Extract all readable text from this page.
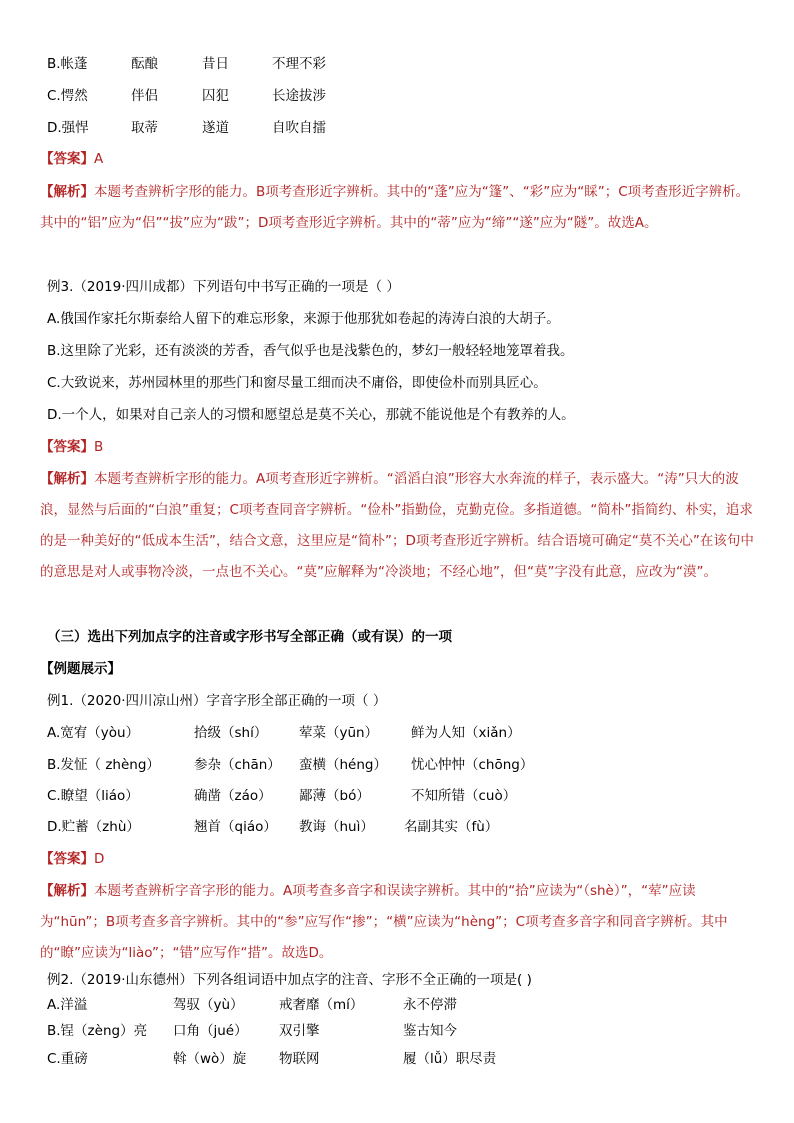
B.帐蓬	酝酿	昔日	不理不彩
C.愕然	伴侣	囚犯	长途拔涉
D.强悍	取蒂	遂道	自吹自擂
【答案】A
【解析】本题考查辨析字形的能力。B项考查形近字辨析。其中的“蓬”应为“篷”、“彩”应为“睬”；C项考查形近字辨析。其中的“铝”应为“侣”“拔”应为“跋”；D项考查形近字辨析。其中的“蒂”应为“缔”“遂”应为“隧”。故选A。
例3.（2019·四川成都）下列语句中书写正确的一项是（ ）
A.俄国作家托尔斯泰给人留下的难忘形象，来源于他那犹如卷起的涛涛白浪的大胡子。
B.这里除了光彩，还有淡淡的芳香，香气似乎也是浅紫色的，梦幻一般轻轻地笼罩着我。
C.大致说来，苏州园林里的那些门和窗尽量工细而决不庸俗，即使俭朴而别具匠心。
D.一个人，如果对自己亲人的习惯和愿望总是莫不关心，那就不能说他是个有教养的人。
【答案】B
【解析】本题考查辨析字形的能力。A项考查形近字辨析。“滔滔白浪”形容大水奔流的样子，表示盛大。“涛”只大的波浪，显然与后面的“白浪”重复；C项考查同音字辨析。“俭朴”指勤俭，克勤克俭。多指道德。“简朴”指简约、朴实，追求的是一种美好的“低成本生活”，结合文意，这里应是“简朴”；D项考查形近字辨析。结合语境可确定“莫不关心”在该句中的意思是对人或事物冷淡，一点也不关心。“莫”应解释为“冷淡地；不经心地”，但“莫”字没有此意，应改为“漠”。
（三）选出下列加点字的注音或字形书写全部正确（或有误）的一项
【例题展示】
例1.（2020·四川凉山州）字音字形全部正确的一项（ ）
A.宽宥（yòu）	拾级（shí） 荤菜（yūn） 鲜为人知（xiǎn）
B.发怔（ zhèng）	参杂（chān） 蛮横（héng） 忧心忡忡（chōng）
C.瞭望（liáo）	确凿（záo） 鄙薄（bó）	不知所错（cuò）
D.贮蓄（zhù）	翘首（qiáo） 教诲（huì） 名副其实（fù）
【答案】D
【解析】本题考查辨析字音字形的能力。A项考查多音字和误读字辨析。其中的“拾”应读为“（shè）”，“荤”应读为“hūn”；B项考查多音字辨析。其中的“参”应写作“掺”；“横”应读为“hèng”；C项考查多音字和同音字辨析。其中的“瞭”应读为“liào”；“错”应写作“措”。故选D。
例2.（2019·山东德州）下列各组词语中加点字的注音、字形不全正确的一项是( )
A.洋溢	驾驭（yù）	戒奢靡（mí）	永不停滞
B.锃（zèng）亮 口角（jué） 双引擎	鉴古知今
C.重磅	斡（wò）旋 物联网	履（lǚ）职尽责
